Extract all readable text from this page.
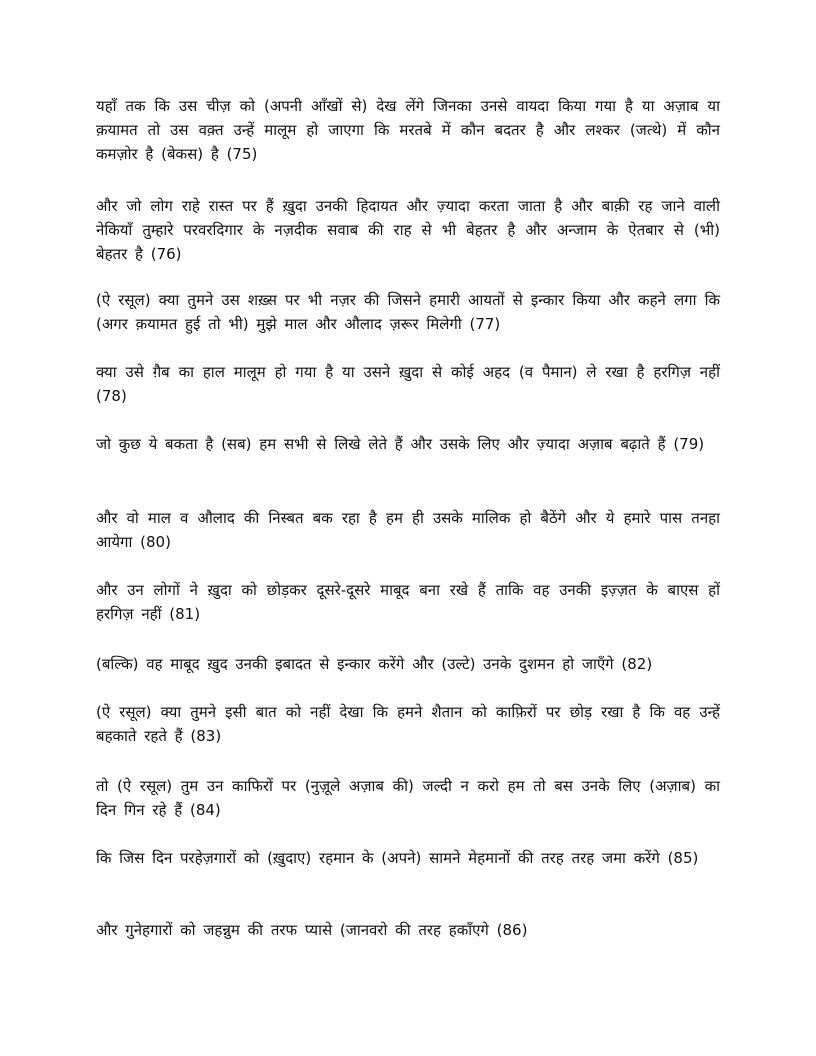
यहाँ तक कि उस चीज़ को (अपनी आँखों से) देख लेंगे जिनका उनसे वायदा किया गया है या अज़ाब या क़यामत तो उस वक़्त उन्हें मालूम हो जाएगा कि मरतबे में कौन बदतर है और लश्कर (जत्थे) में कौन कमज़ोर है (बेकस) है (75)

और जो लोग राहे रास्त पर हैं ख़ुदा उनकी हिदायत और ज़्यादा करता जाता है और बाक़ी रह जाने वाली नेकियाँ तुम्हारे परवरदिगार के नज़दीक सवाब की राह से भी बेहतर है और अन्जाम के ऐतबार से (भी) बेहतर है (76)

(ऐ रसूल) क्या तुमने उस शख़्स पर भी नज़र की जिसने हमारी आयतों से इन्कार किया और कहने लगा कि (अगर क़यामत हुई तो भी) मुझे माल और औलाद ज़रूर मिलेगी (77)

क्या उसे ग़ैब का हाल मालूम हो गया है या उसने ख़ुदा से कोई अहद (व पैमान) ले रखा है हरगिज़ नहीं (78)

जो कुछ ये बकता है (सब) हम सभी से लिखे लेते हैं और उसके लिए और ज़्यादा अज़ाब बढ़ाते हैं (79)

और वो माल व औलाद की निस्बत बक रहा है हम ही उसके मालिक हो बैठेंगे और ये हमारे पास तनहा आयेगा (80)

और उन लोगों ने ख़ुदा को छोड़कर दूसरे-दूसरे माबूद बना रखे हैं ताकि वह उनकी इज़्ज़त के बाएस हों हरगिज़ नहीं (81)

(बल्कि) वह माबूद ख़ुद उनकी इबादत से इन्कार करेंगे और (उल्टे) उनके दुशमन हो जाएँगे (82)

(ऐ रसूल) क्या तुमने इसी बात को नहीं देखा कि हमने शैतान को काफ़िरों पर छोड़ रखा है कि वह उन्हें बहकाते रहते हैं (83)

तो (ऐ रसूल) तुम उन काफिरों पर (नुज़ूले अज़ाब की) जल्दी न करो हम तो बस उनके लिए (अज़ाब) का दिन गिन रहे हैं (84)

कि जिस दिन परहेज़गारों को (ख़ुदाए) रहमान के (अपने) सामने मेहमानों की तरह तरह जमा करेंगे (85)

और गुनेहगारों को जहन्नुम की तरफ प्यासे (जानवरो की तरह हकाँएगे (86)
